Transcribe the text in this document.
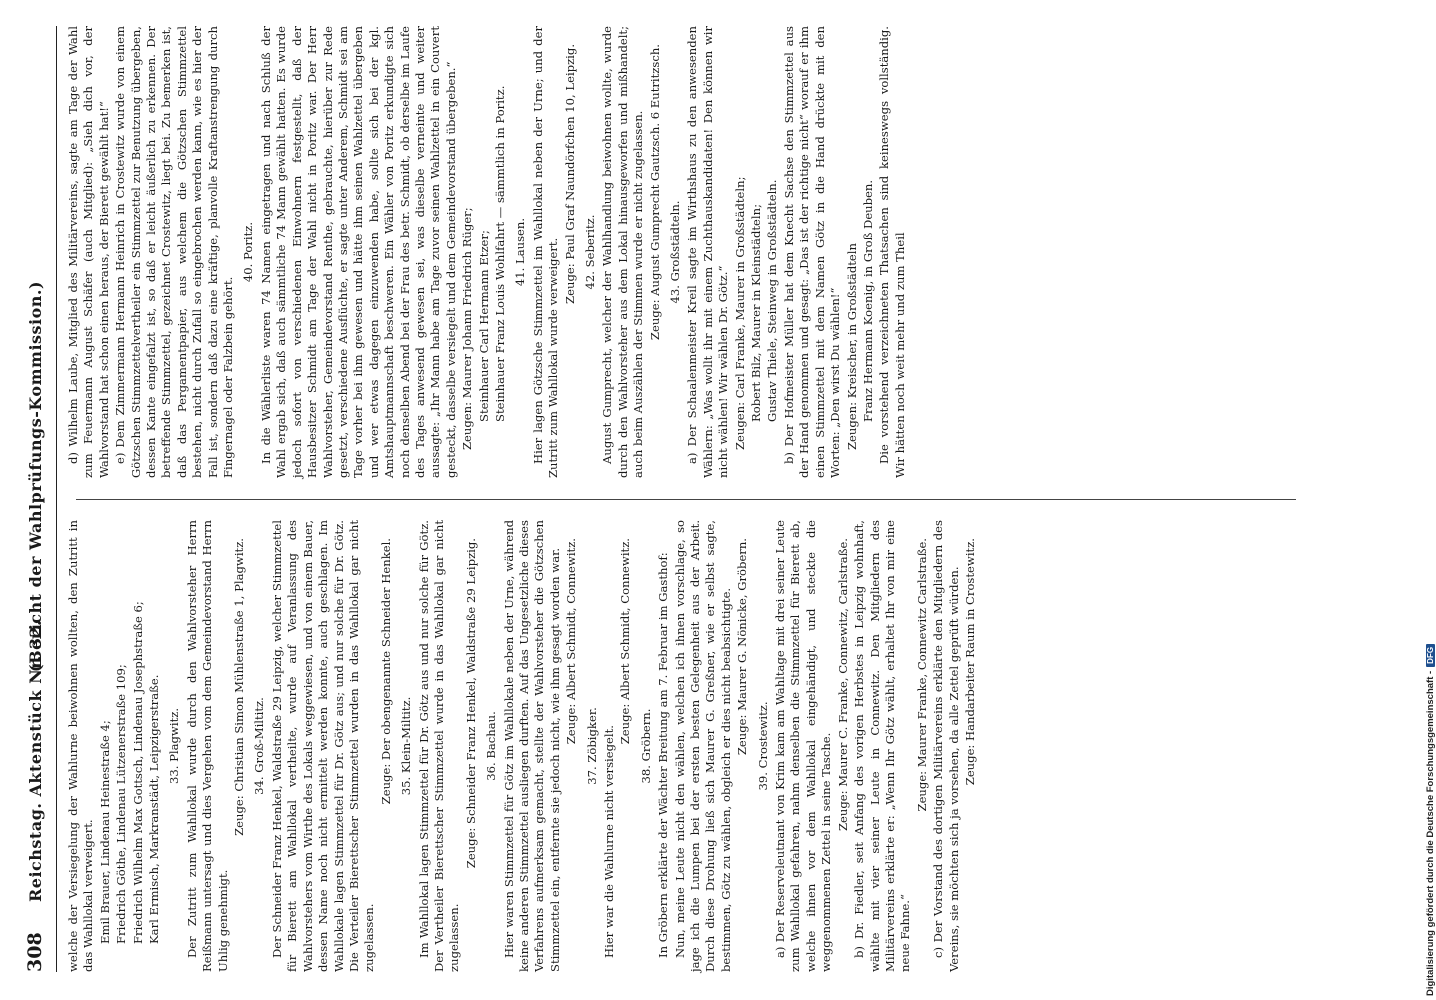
308
Reichstag. Aktenstück Nr. 32.
(Bericht der Wahlprüfungs-Kommission.)
welche der Versiegelung der Wahlurne beiwohnen wollten, den Zutritt in das Wahllokal verweigert. Emil Brauer, Lindenau Heinestraße 4; Friedrich Göthe, Lindenau Lützenerstraße 109; Friedrich Wilhelm Max Gottsch, Lindenau Josephstraße 6; Karl Ermisch, Markranstädt, Leipzigerstraße. 33. Plagwitz. Der Zutritt zum Wahllokal wurde durch den Wahlvorsteher Herrn Reißmann untersagt und dies Vergehen vom dem Gemeindevorstand Herrn Uhlig genehmigt.
Zeuge: Christian Simon Mühlenstraße 1, Plagwitz. 34. Groß-Miltitz. Der Schneider Franz Henkel, Waldstraße 29 Leipzig, welcher Stimmzettel für Bierett am Wahllokal vertheilte, wurde auf Veranlassung des Wahlvorstehers vom Wirthe des Lokals weggewiesen, und von einem Bauer, dessen Name noch nicht ermittelt werden konnte, auch geschlagen. Im Wahllokale lagen Stimmzettel für Dr. Götz aus; und nur solche für Dr. Götz. Die Verteiler Bierettscher Stimmzettel wurden in das Wahllokal gar nicht zugelassen.
Zeuge: Der obengenannte Schneider Henkel. 35. Klein-Miltitz. Im Wahllokal lagen Stimmzettel für Dr. Götz aus und nur solche für Götz. Der Vertheiler Bierettscher Stimmzettel wurde in das Wahllokal gar nicht zugelassen.
Zeuge: Schneider Franz Henkel, Waldstraße 29 Leipzig. 36. Bachau. Hier waren Stimmzettel für Götz im Wahllokale neben der Urne, während keine anderen Stimmzettel ausliegen durften. Auf das Ungesetzliche dieses Verfahrens aufmerksam gemacht, stellte der Wahlvorsteher die Götzschen Stimmzettel ein, entfernte sie jedoch nicht, wie ihm gesagt worden war. Zeuge: Albert Schmidt, Connewitz.
37. Zöbigker. Hier war die Wahlurne nicht versiegelt.
Zeuge: Albert Schmidt, Connewitz.
38. Gröbern. In Gröbern erklärte der Wächter Breitung am 7. Februar im Gasthof: Nun, meine Leute nicht den wählen, welchen ich ihnen vorschlage, so jage ich die Lumpen bei der ersten besten Gelegenheit aus der Arbeit. Durch diese Drohung ließ sich Maurer G. Greßner, wie er selbst sagte, bestimmen, Götz zu wählen, obgleich er dies nicht beabsichtigte. Zeuge: Maurer G. Nönicke, Gröbern. 39. Crostewitz. a) Der Reserveleutnant von Krim kam am Wahltage mit drei seiner Leute zum Wahllokal gefahren, nahm denselben die Stimmzettel für Bierett ab, welche ihnen vor dem Wahllokal eingehändigt, und steckte die weggenommenen Zettel in seine Tasche.
Zeuge: Maurer C. Franke, Connewitz, Carlstraße. b) Dr. Fiedler, seit Anfang des vorigen Herbstes in Leipzig wohnhaft, wählte mit vier seiner Leute in Connewitz. Den Mitgliedern des Militärvereins erklärte er: „Wenn Ihr Götz wählt, erhaltet Ihr von mir eine neue Fahne.“
Zeuge: Maurer Franke, Connewitz Carlstraße. c) Der Vorstand des dortigen Militärvereins erklärte den Mitgliedern des Vereins, sie möchten sich ja vorsehen, da alle Zettel geprüft würden. Zeuge: Handarbeiter Raum in Crostewitz.
d) Wilhelm Laube, Mitglied des Militärvereins, sagte am Tage der Wahl zum Feuermann August Schäfer (auch Mitglied): „Sieh dich vor, der Wahlvorstand hat schon einen heraus, der Bierett gewählt hat!“ e) Dem Zimmermann Hermann Heinrich in Crostewitz wurde von einem Götzschen Stimmzettelvertheiler ein Stimmzettel zur Benutzung übergeben, dessen Kante eingefalzt ist, so daß er leicht äußerlich zu erkennen. Der betreffende Stimmzettel, gezeichnet Crostewitz, liegt bei. Zu bemerken ist, daß das Pergamentpapier, aus welchem die Götzschen Stimmzettel bestehen, nicht durch Zufall so eingebrochen werden kann, wie es hier der Fall ist, sondern daß dazu eine kräftige, planvolle Kraftanstrengung durch Fingernagel oder Falzbein gehört.
40. Poritz. In die Wählerliste waren 74 Namen eingetragen und nach Schluß der Wahl ergab sich, daß auch sämmtliche 74 Mann gewählt hatten. Es wurde jedoch sofort von verschiedenen Einwohnern festgestellt, daß der Hausbesitzer Schmidt am Tage der Wahl nicht in Poritz war. Der Herr Wahlvorsteher, Gemeindevorstand Renthe, gebrauchte, hierüber zur Rede gesetzt, verschiedene Ausflüchte, er sagte unter Anderem, Schmidt sei am Tage vorher bei ihm gewesen und hätte ihm seinen Wahlzettel übergeben und wer etwas dagegen einzuwenden habe, sollte sich bei der kgl. Amtshauptmannschaft beschweren. Ein Wähler von Poritz erkundigte sich noch denselben Abend bei der Frau des betr. Schmidt, ob derselbe im Laufe des Tages anwesend gewesen sei, was dieselbe verneinte und weiter aussagte: „Ihr Mann habe am Tage zuvor seinen Wahlzettel in ein Couvert gesteckt, dasselbe versiegelt und dem Gemeindevorstand übergeben.“ Zeugen: Maurer Johann Friedrich Rüger; Steinhauer Carl Hermann Etzer; Steinhauer Franz Louis Wohlfahrt — sämmtlich in Poritz. 41. Lausen. Hier lagen Götzsche Stimmzettel im Wahllokal neben der Urne; und der Zutritt zum Wahllokal wurde verweigert.
Zeuge: Paul Graf Naundörfchen 10, Leipzig. 42. Seberitz. August Gumprecht, welcher der Wahlhandlung beiwohnen wollte, wurde durch den Wahlvorsteher aus dem Lokal hinausgeworfen und mißhandelt; auch beim Auszählen der Stimmen wurde er nicht zugelassen. Zeuge: August Gumprecht Gautzsch. 6 Eutritzsch. 43. Großstädteln. a) Der Schaalenmeister Kreil sagte im Wirthshaus zu den anwesenden Wählern: „Was wollt ihr mit einem Zuchthauskandidaten! Den können wir nicht wählen! Wir wählen Dr. Götz.“ Zeugen: Carl Franke, Maurer in Großstädteln; Robert Bilz, Maurer in Kleinstädteln; Gustav Thiele, Steinweg in Großstädteln. b) Der Hofmeister Müller hat dem Knecht Sachse den Stimmzettel aus der Hand genommen und gesagt: „Das ist der richtige nicht“ worauf er ihm einen Stimmzettel mit dem Namen Götz in die Hand drückte mit den Worten: „Den wirst Du wählen!“ Zeugen: Kreischer, in Großstädteln Franz Hermann Koenig, in Groß Deuben. Die vorstehend verzeichneten Thatsachen sind keineswegs vollständig. Wir hätten noch weit mehr und zum Theil
Digitalisierung gefördert durch die Deutsche Forschungsgemeinschaft -DFG
